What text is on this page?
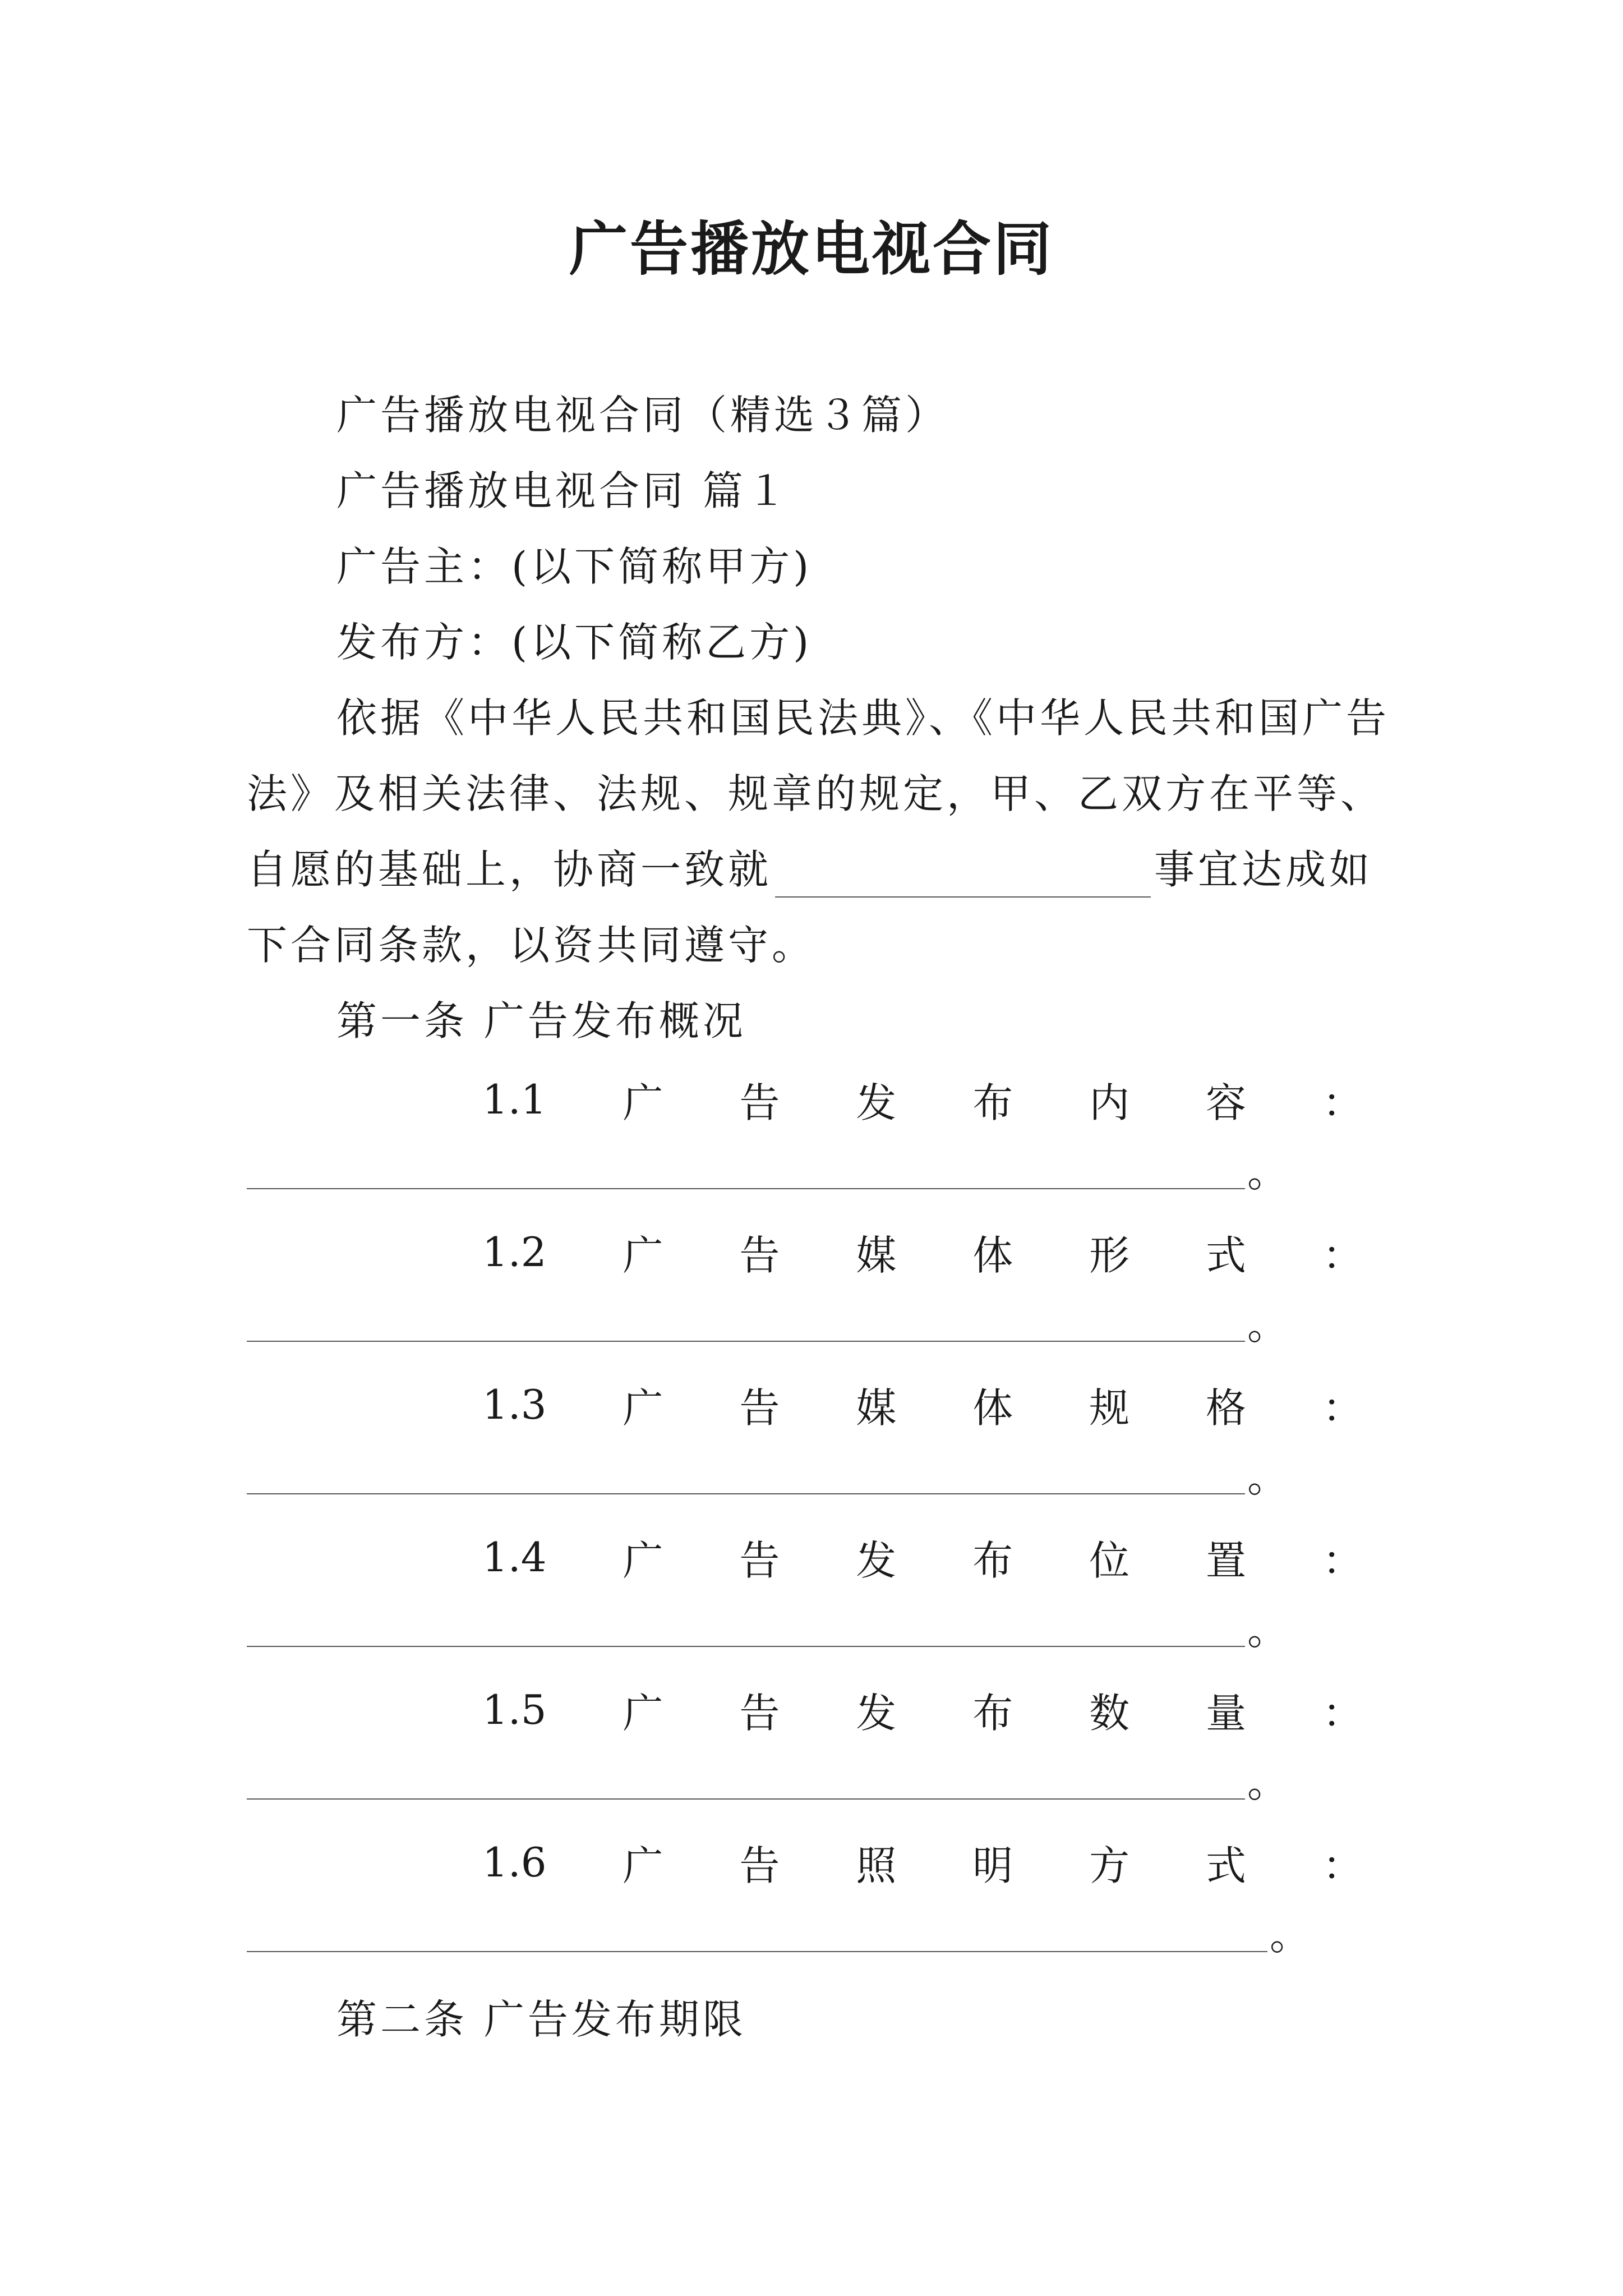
广告播放电视合同
广告播放电视合同（精选３篇）
广告播放电视合同 篇１
广告主：(以下简称甲方)
发布方：(以下简称乙方)
依据《中华人民共和国民法典》、《中华人民共和国广告
法》及相关法律、法规、规章的规定，甲、乙双方在平等、
自愿的基础上，协商一致就	事宜达成如
下合同条款，以资共同遵守。
第一条 广告发布概况
1.1 广 告 发 布 内 容 ：
。
1.2 广 告 媒 体 形 式 ：
。
1.3 广 告 媒 体 规 格 ：
。
1.4 广 告 发 布 位 置 ：
。
1.5 广 告 发 布 数 量 ：
。
1.6 广 告 照 明 方 式 ：
。
第二条 广告发布期限
